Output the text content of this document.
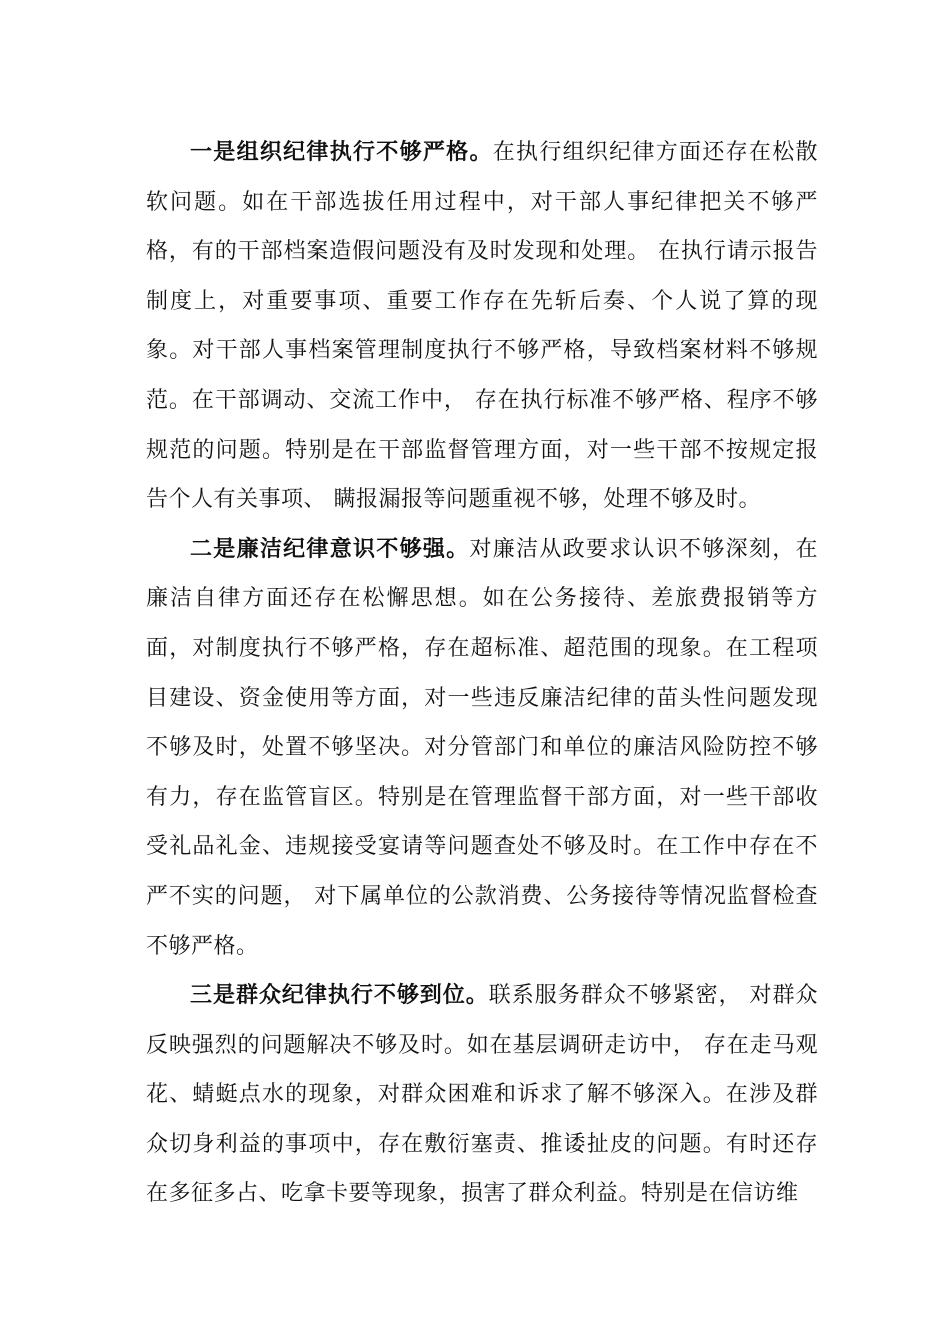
一是组织纪律执行不够严格。在执行组织纪律方面还存在松散软问题。如在干部选拔任用过程中，对干部人事纪律把关不够严格，有的干部档案造假问题没有及时发现和处理。 在执行请示报告制度上，对重要事项、重要工作存在先斩后奏、个人说了算的现象。对干部人事档案管理制度执行不够严格，导致档案材料不够规范。在干部调动、交流工作中， 存在执行标准不够严格、程序不够规范的问题。特别是在干部监督管理方面，对一些干部不按规定报告个人有关事项、 瞒报漏报等问题重视不够，处理不够及时。

二是廉洁纪律意识不够强。对廉洁从政要求认识不够深刻，在廉洁自律方面还存在松懈思想。如在公务接待、差旅费报销等方面，对制度执行不够严格，存在超标准、超范围的现象。在工程项目建设、资金使用等方面，对一些违反廉洁纪律的苗头性问题发现不够及时，处置不够坚决。对分管部门和单位的廉洁风险防控不够有力，存在监管盲区。特别是在管理监督干部方面，对一些干部收受礼品礼金、违规接受宴请等问题查处不够及时。在工作中存在不严不实的问题， 对下属单位的公款消费、公务接待等情况监督检查不够严格。

三是群众纪律执行不够到位。联系服务群众不够紧密， 对群众反映强烈的问题解决不够及时。如在基层调研走访中， 存在走马观花、蜻蜓点水的现象，对群众困难和诉求了解不够深入。在涉及群众切身利益的事项中，存在敷衍塞责、推诿扯皮的问题。有时还存在多征多占、吃拿卡要等现象，损害了群众利益。特别是在信访维
